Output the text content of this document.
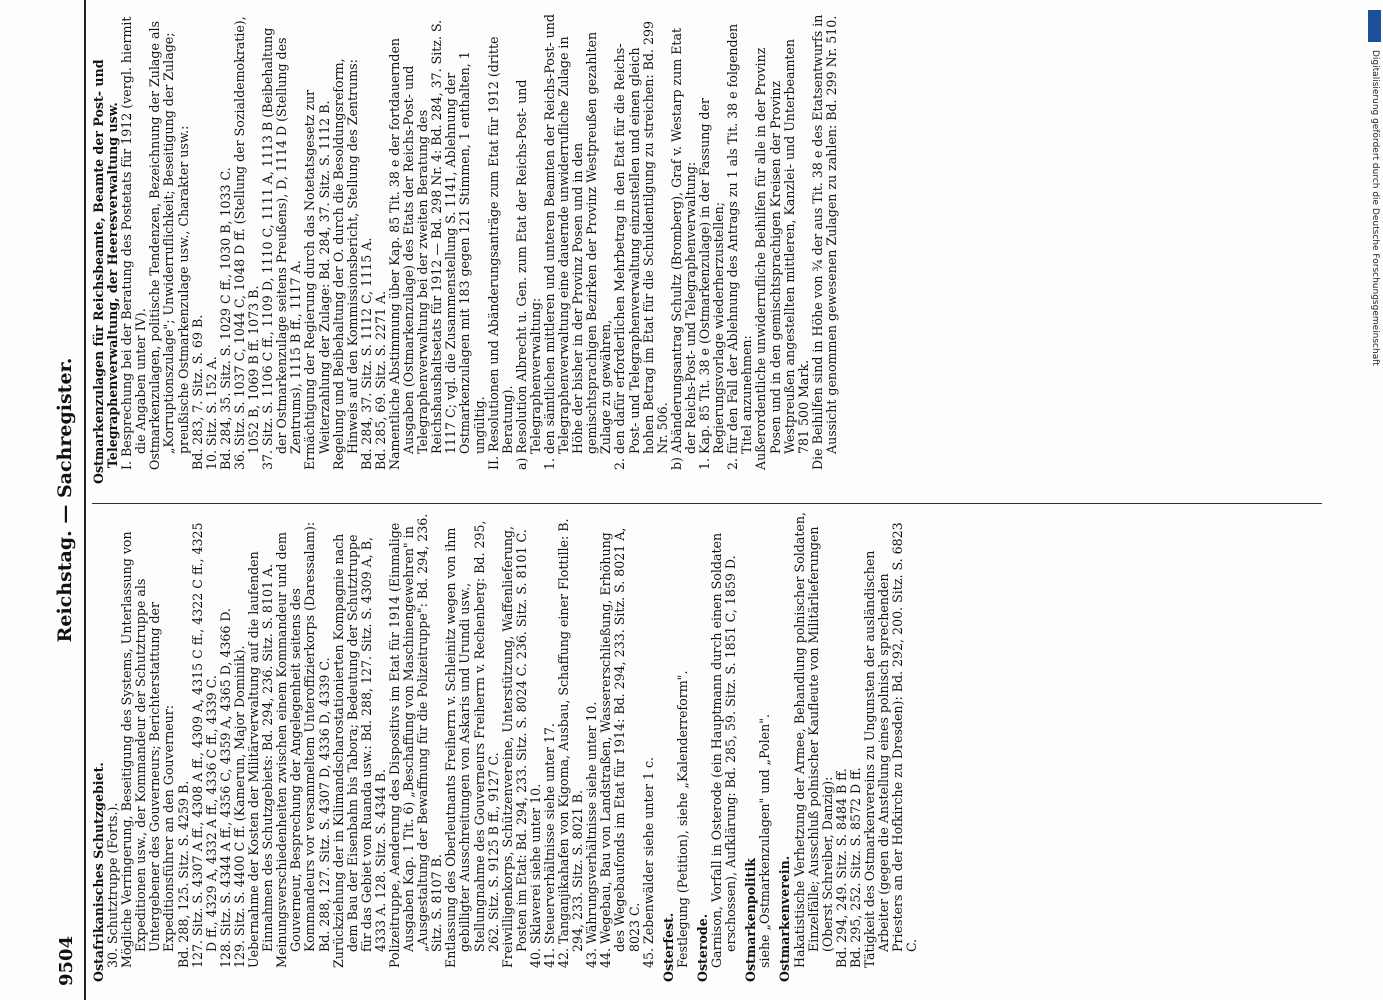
9504
Reichstag. — Sachregister.
Ostafrikanisches Schutzgebiet. 30. Schutztruppe (Forts.). Mögliche Verringerung, Beseitigung des Systems, Unterlassung von Expeditionen usw., der Kommandeur der Schutztruppe als Untergebener des Gouverneurs; Berichterstattung der Expeditionsführer an den Gouverneur: Bd. 288, 125. Sitz. S. 4259 B. 127. Sitz. S. 4307 A ff., 4308 A ff., 4309 A, 4315 C ff., 4322 C ff., 4325 D ff., 4329 A, 4332 A ff., 4336 C ff., 4339 C. 128. Sitz. S. 4344 A ff., 4356 C, 4359 A, 4365 D, 4366 D. 129. Sitz. S. 4400 C ff. (Kamerun, Major Dominik). Uebernahme der Kosten der Militärverwaltung auf die laufenden Einnahmen des Schutzgebiets: Bd. 294, 236. Sitz. S. 8101 A. Meinungsverschiedenheiten zwischen einem Kommandeur und dem Gouverneur, Besprechung der Angelegenheit seitens des Kommandeurs vor versammeltem Unteroffizierkorps (Daressalam): Bd. 288, 127. Sitz. S. 4307 D, 4336 D, 4339 C. Zurückziehung der in Kilimandscharostationierten Kompagnie nach dem Bau der Eisenbahn bis Tabora; Bedeutung der Schutztruppe für das Gebiet von Ruanda usw.: Bd. 288, 127. Sitz. S. 4309 A, B, 4333 A. 128. Sitz. S. 4344 B. Polizeitruppe, Aenderung des Dispositivs im Etat für 1914 (Einmalige Ausgaben Kap. 1 Tit. 6) „Beschaffung von Maschinengewehren" in „Ausgestaltung der Bewaffnung für die Polizeitruppe": Bd. 294, 236. Sitz. S. 8107 B. Entlassung des Oberleutnants Freiherrn v. Schleinitz wegen von ihm gebilligter Ausschreitungen von Askaris und Urundi usw., Stellungnahme des Gouverneurs Freiherrn v. Rechenberg: Bd. 295, 262. Sitz. S. 9125 B ff., 9127 C. Freiwilligenkorps, Schützenvereine, Unterstützung, Waffenlieferung, Posten im Etat: Bd. 294, 233. Sitz. S. 8024 C. 236. Sitz. S. 8101 C. 40. Sklaverei siehe unter 10. 41. Steuerverhältnisse siehe unter 17. 42. Tanganjikahafen von Kigoma, Ausbau, Schaffung einer Flottille: B. 294, 233. Sitz. S. 8021 B. 43. Währungsverhältnisse siehe unter 10. 44. Wegebau, Bau von Landstraßen, Wassererschließung, Erhöhung des Wegebaufonds im Etat für 1914: Bd. 294, 233. Sitz. S. 8021 A, 8023 C. 45. Zebenwälder siehe unter 1 c. Osterfest. Festlegung (Petition), siehe „Kalenderreform". Osterode. Garnison, Vorfall in Osterode (ein Hauptmann durch einen Soldaten erschossen), Aufklärung: Bd. 285, 59. Sitz. S. 1851 C, 1859 D. Ostmarkenpolitik siehe „Ostmarkenzulagen" und „Polen". Ostmarkenverein. Hakatistische Verhetzung der Armee, Behandlung polnischer Soldaten, Einzelfälle; Ausschluß polnischer Kaufleute von Militärlieferungen (Oberst Schreiber, Danzig): Bd. 294, 249. Sitz. S. 8484 B ff. Bd. 295, 252. Sitz. S. 8572 D ff. Tätigkeit des Ostmarkenvereins zu Ungunsten der ausländischen Arbeiter (gegen die Anstellung eines polnisch sprechenden Priesters an der Hofkirche zu Dresden): Bd. 292, 200. Sitz. S. 6823 C.
Ostmarkenzulagen für Reichsbeamte, Beamte der Post- und Telegraphenverwaltung, der Heeresverwaltung usw. I. Besprechung bei der Beratung des Postetats für 1912 (vergl. hiermit die Angaben unter IV). Ostmarkenzulagen, politische Tendenzen, Bezeichnung der Zulage als „Korruptionszulage"; Unwiderruflichkeit; Beseitigung der Zulage; preußische Ostmarkenzulage usw., Charakter usw.: Bd. 283, 7. Sitz. S. 69 B. 10. Sitz. S. 152 A. Bd. 284, 35. Sitz. S. 1029 C ff., 1030 B, 1033 C. 36. Sitz. S. 1037 C, 1044 C, 1048 D ff. (Stellung der Sozialdemokratie), 1052 B, 1069 B ff. 1073 B. 37. Sitz. S. 1106 C ff., 1109 D, 1110 C, 1111 A, 1113 B (Beibehaltung der Ostmarkenzulage seitens Preußens), D, 1114 D (Stellung des Zentrums), 1115 B ff., 1117 A. Ermächtigung der Regierung durch das Notetatsgesetz zur Weiterzahlung der Zulage: Bd. 284, 37. Sitz. S. 1112 B. Regelung und Beibehaltung der O. durch die Besoldungsreform, Hinweis auf den Kommissionsbericht, Stellung des Zentrums: Bd. 284, 37. Sitz. S. 1112 C, 1115 A. Bd. 285, 69. Sitz. S. 2271 A. Namentliche Abstimmung über Kap. 85 Tit. 38 e der fortdauernden Ausgaben (Ostmarkenzulage) des Etats der Reichs-Post- und Telegraphenverwaltung bei der zweiten Beratung des Reichshaushaltsetats für 1912 — Bd. 298 Nr. 4: Bd. 284, 37. Sitz. S. 1117 C; vgl. die Zusammenstellung S. 1141, Ablehnung der Ostmarkenzulagen mit 183 gegen 121 Stimmen, 1 enthalten, 1 ungültig. II. Resolutionen und Abänderungsanträge zum Etat für 1912 (dritte Beratung). a) Resolution Albrecht u. Gen. zum Etat der Reichs-Post- und Telegraphenverwaltung: 1. den sämtlichen mittleren und unteren Beamten der Reichs-Post- und Telegraphenverwaltung eine dauernde unwiderrufliche Zulage in Höhe der bisher in der Provinz Posen und in den gemischtsprachigen Bezirken der Provinz Westpreußen gezahlten Zulage zu gewähren, 2. den dafür erforderlichen Mehrbetrag in den Etat für die Reichs-Post- und Telegraphenverwaltung einzustellen und einen gleich hohen Betrag im Etat für die Schuldentilgung zu streichen: Bd. 299 Nr. 506. b) Abänderungsantrag Schultz (Bromberg), Graf v. Westarp zum Etat der Reichs-Post- und Telegraphenverwaltung: 1. Kap. 85 Tit. 38 e (Ostmarkenzulage) in der Fassung der Regierungsvorlage wiederherzustellen; 2. für den Fall der Ablehnung des Antrags zu 1 als Tit. 38 e folgenden Titel anzunehmen: Außerordentliche unwiderrufliche Beihilfen für alle in der Provinz Posen und in den gemischtsprachigen Kreisen der Provinz Westpreußen angestellten mittleren, Kanzlei- und Unterbeamten 781 500 Mark. Die Beihilfen sind in Höhe von ¾ der aus Tit. 38 e des Etatsentwurfs in Aussicht genommen gewesenen Zulagen zu zahlen: Bd. 299 Nr. 510.	DFG
Digitalisierung gefördert durch die Deutsche Forschungsgemeinschaft
